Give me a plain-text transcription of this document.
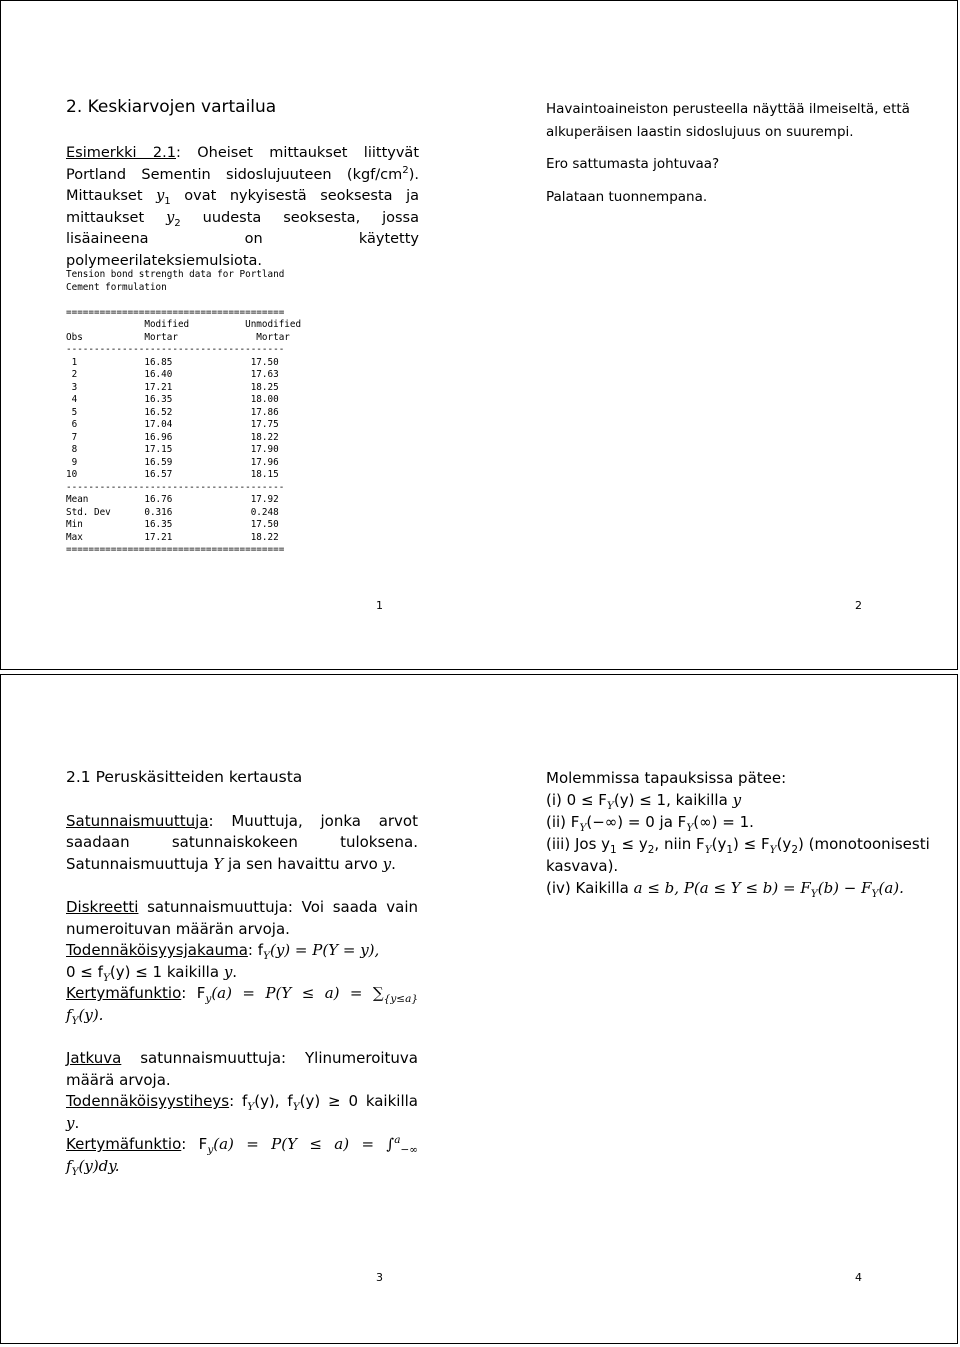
2. Keskiarvojen vartailua

Esimerkki 2.1: Oheiset mittaukset liittyvät Portland Sementin sidoslujuuteen $(kgf/cm^2)$. Mittaukset $y_1$ ovat nykyisestä seoksesta ja mittaukset $y_2$ uudesta seoksesta, jossa lisäaineena on käytetty polymeerilateksiemulsiota.

Tension bond strength data for Portland
Cement formulation

=======================================
Modified          Unmodified
Obs           Mortar              Mortar
---------------------------------------
1            16.85              17.50
2            16.40              17.63
3            17.21              18.25
4            16.35              18.00
5            16.52              17.86
6            17.04              17.75
7            16.96              18.22
8            17.15              17.90
9            16.59              17.96
10            16.57              18.15
---------------------------------------
Mean          16.76              17.92
Std. Dev      0.316              0.248
Min           16.35              17.50
Max           17.21              18.22
=======================================

Havaintoaineiston perusteella näyttää ilmeiseltä, että alkuperäisen laastin sidoslujuus on suurempi.

Ero sattumasta johtuvaa?

Palataan tuonnempana.

1	2

2.1 Peruskäsitteiden kertausta

Satunnaismuuttuja: Muuttuja, jonka arvot saadaan satunnaiskokeen tuloksena. Satunnaismuuttuja Y ja sen havaittu arvo y.

Diskreetti satunnaismuuttuja: Voi saada vain numeroituvan määrän arvoja.
Todennäköisyysjakauma: $f_Y(y) = P(Y = y)$,
$0 \le f_Y(y) \le 1$ kaikilla y.
Kertymäfunktio: $F_y(a) = P(Y \le a) = \sum_{\{y\le a\}}$ $f_Y(y)$.

Jatkuva satunnaismuuttuja: Ylinumeroituva määrä arvoja.
Todennäköisyystiheys: $f_Y(y)$, $f_Y(y) \ge 0$ kaikilla y.
Kertymäfunktio: $F_y(a) = P(Y \le a) = \int^a_{-\infty}$ $f_Y(y)dy$.

Molemmissa tapauksissa pätee:

(i) $0 \le F_Y(y) \le 1$, kaikilla y

(ii) $F_Y(-\infty) = 0$ ja $F_Y(\infty) = 1$.

(iii) Jos $y_1 \le y_2$, niin $F_Y(y_1) \le F_Y(y_2)$ (monotoonisesti kasvava).

(iv) Kaikilla a ≤ b, $P(a \le Y \le b) = F_Y(b) - F_Y(a)$.

3	4
